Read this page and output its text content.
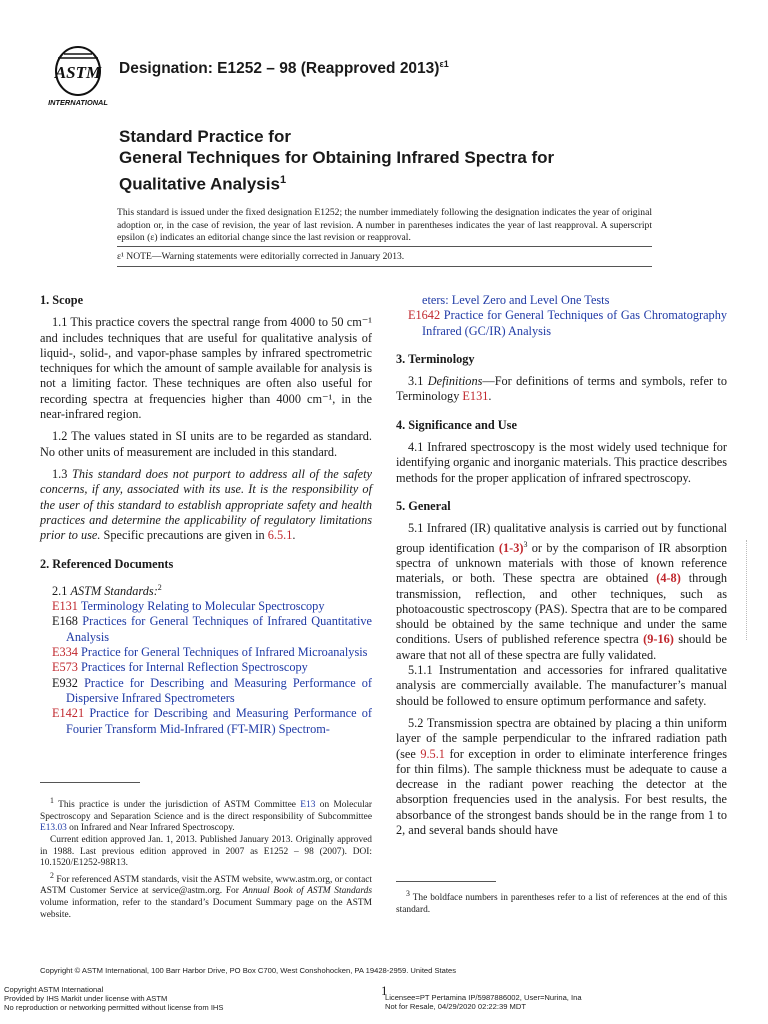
ASTM
INTERNATIONAL
Designation: E1252 – 98 (Reapproved 2013)$^{\varepsilon 1}$
Standard Practice for
General Techniques for Obtaining Infrared Spectra for
Qualitative Analysis$^1$
This standard is issued under the fixed designation E1252; the number immediately following the designation indicates the year of original adoption or, in the case of revision, the year of last revision. A number in parentheses indicates the year of last reapproval. A superscript epsilon (ε) indicates an editorial change since the last revision or reapproval.
ε¹ NOTE—Warning statements were editorially corrected in January 2013.

1. Scope

1.1 This practice covers the spectral range from 4000 to 50 cm⁻¹ and includes techniques that are useful for qualitative analysis of liquid-, solid-, and vapor-phase samples by infrared spectrometric techniques for which the amount of sample available for analysis is not a limiting factor. These techniques are often also useful for recording spectra at frequencies higher than 4000 cm⁻¹, in the near-infrared region.

1.2 The values stated in SI units are to be regarded as standard. No other units of measurement are included in this standard.

1.3 This standard does not purport to address all of the safety concerns, if any, associated with its use. It is the responsibility of the user of this standard to establish appropriate safety and health practices and determine the applicability of regulatory limitations prior to use. Specific precautions are given in 6.5.1.

2. Referenced Documents

2.1 ASTM Standards:$^2$

E131 Terminology Relating to Molecular Spectroscopy

E168 Practices for General Techniques of Infrared Quantitative Analysis

E334 Practice for General Techniques of Infrared Microanalysis

E573 Practices for Internal Reflection Spectroscopy

E932 Practice for Describing and Measuring Performance of Dispersive Infrared Spectrometers

E1421 Practice for Describing and Measuring Performance of Fourier Transform Mid-Infrared (FT-MIR) Spectrom-

$^1$ This practice is under the jurisdiction of ASTM Committee E13 on Molecular Spectroscopy and Separation Science and is the direct responsibility of Subcommittee E13.03 on Infrared and Near Infrared Spectroscopy.

Current edition approved Jan. 1, 2013. Published January 2013. Originally approved in 1988. Last previous edition approved in 2007 as E1252 – 98 (2007). DOI: 10.1520/E1252-98R13.

$^2$ For referenced ASTM standards, visit the ASTM website, www.astm.org, or contact ASTM Customer Service at service@astm.org. For Annual Book of ASTM Standards volume information, refer to the standard’s Document Summary page on the ASTM website.

eters: Level Zero and Level One Tests

E1642 Practice for General Techniques of Gas Chromatography Infrared (GC/IR) Analysis

3. Terminology

3.1 Definitions—For definitions of terms and symbols, refer to Terminology E131.

4. Significance and Use

4.1 Infrared spectroscopy is the most widely used technique for identifying organic and inorganic materials. This practice describes methods for the proper application of infrared spectroscopy.

5. General

5.1 Infrared (IR) qualitative analysis is carried out by functional group identification $(1-3)^3$ or by the comparison of IR absorption spectra of unknown materials with those of known reference materials, or both. These spectra are obtained (4-8) through transmission, reflection, and other techniques, such as photoacoustic spectroscopy (PAS). Spectra that are to be compared should be obtained by the same technique and under the same conditions. Users of published reference spectra (9-16) should be aware that not all of these spectra are fully validated.

5.1.1 Instrumentation and accessories for infrared qualitative analysis are commercially available. The manufacturer’s manual should be followed to ensure optimum performance and safety.

5.2 Transmission spectra are obtained by placing a thin uniform layer of the sample perpendicular to the infrared radiation path (see 9.5.1 for exception in order to eliminate interference fringes for thin films). The sample thickness must be adequate to cause a decrease in the radiant power reaching the detector at the absorption frequencies used in the analysis. For best results, the absorbance of the strongest bands should be in the range from 1 to 2, and several bands should have

$^3$ The boldface numbers in parentheses refer to a list of references at the end of this standard.

Copyright © ASTM International, 100 Barr Harbor Drive, PO Box C700, West Conshohocken, PA 19428-2959. United States
Copyright ASTM International
Provided by IHS Markit under license with ASTM
No reproduction or networking permitted without license from IHS
1
Licensee=PT Pertamina IP/5987886002, User=Nurina, Ina
Not for Resale, 04/29/2020 02:22:39 MDT
